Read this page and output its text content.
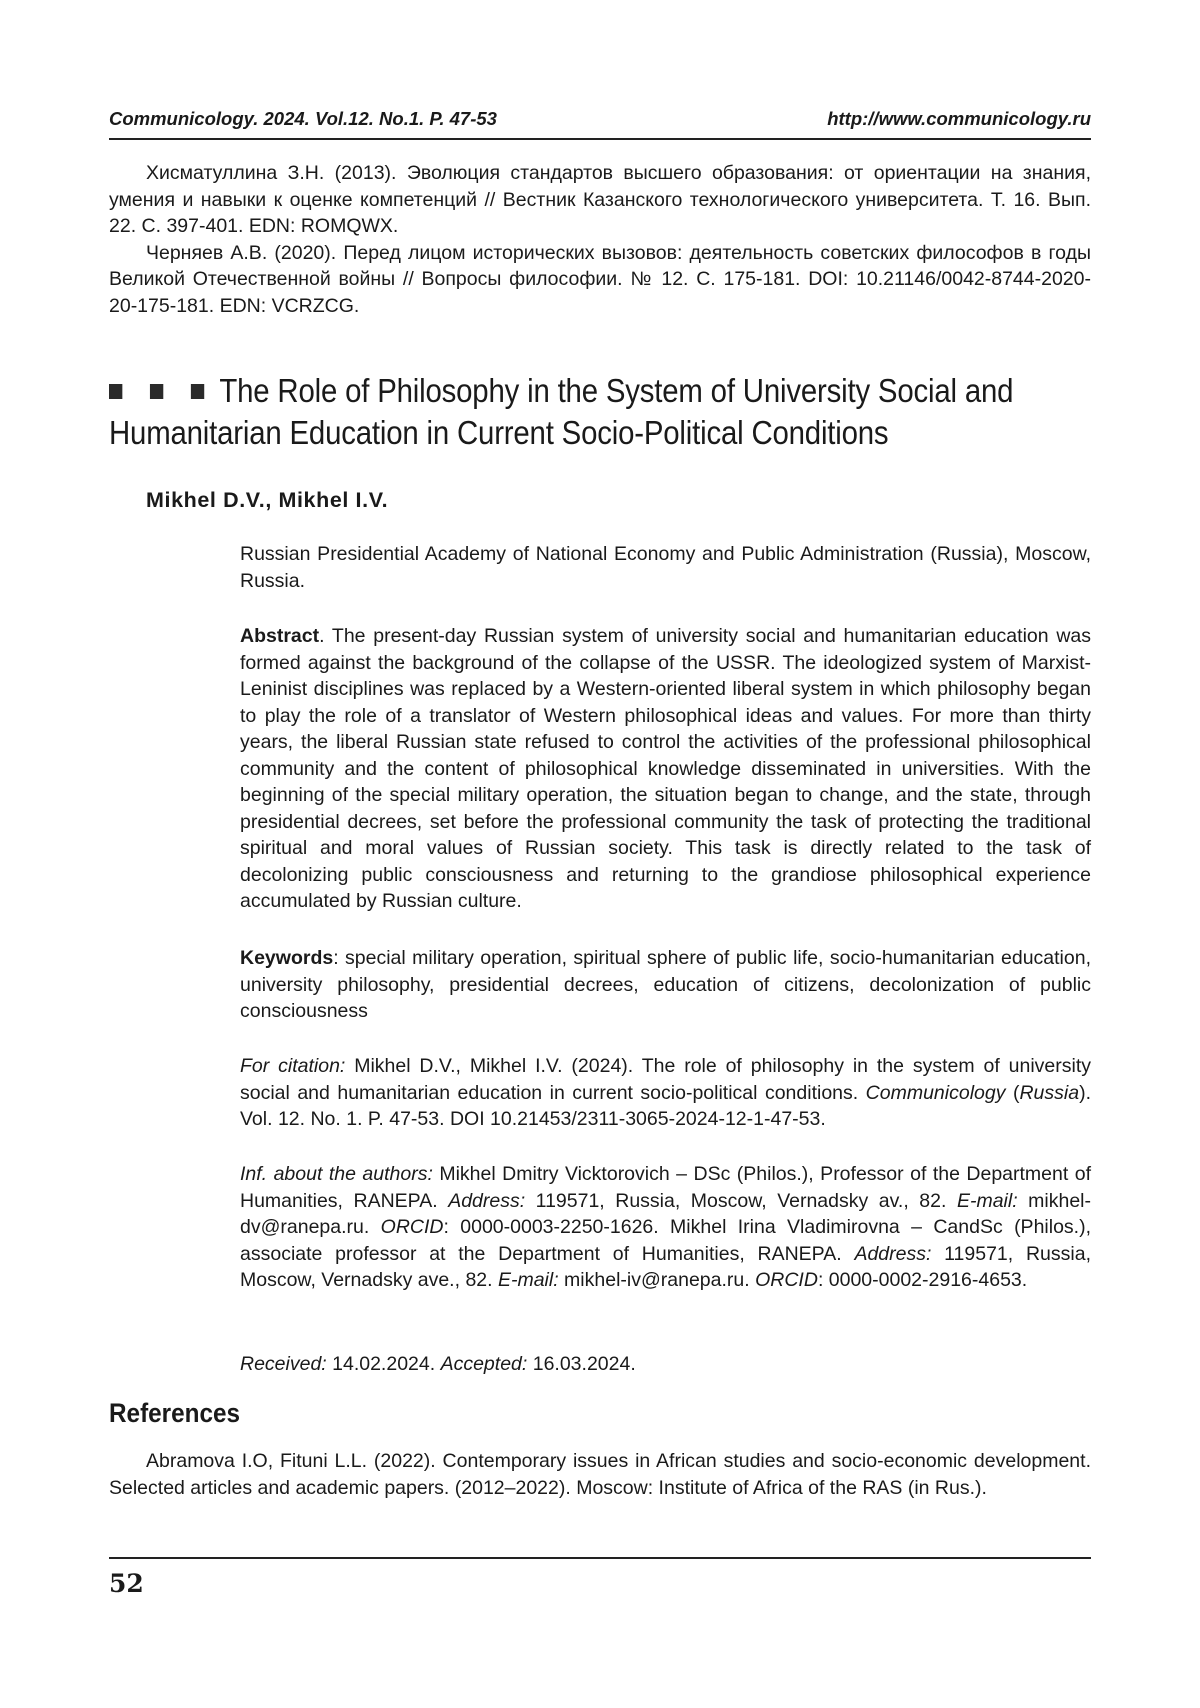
Communicology. 2024. Vol.12. No.1. P. 47-53	http://www.communicology.ru

Хисматуллина З.Н. (2013). Эволюция стандартов высшего образования: от ориентации на знания, умения и навыки к оценке компетенций // Вестник Казанского технологического университета. Т. 16. Вып. 22. С. 397-401. EDN: ROMQWX.

Черняев А.В. (2020). Перед лицом исторических вызовов: деятельность советских философов в годы Великой Отечественной войны // Вопросы философии. № 12. С. 175-181. DOI: 10.21146/0042-8744-2020-20-175-181. EDN: VCRZCG.

The Role of Philosophy in the System of University Social and Humanitarian Education in Current Socio-Political Conditions
Mikhel D.V., Mikhel I.V.

Russian Presidential Academy of National Economy and Public Administration (Russia), Moscow, Russia.

Abstract. The present-day Russian system of university social and humanitarian education was formed against the background of the collapse of the USSR. The ideologized system of Marxist-Leninist disciplines was replaced by a Western-oriented liberal system in which philosophy began to play the role of a translator of Western philosophical ideas and values. For more than thirty years, the liberal Russian state refused to control the activities of the professional philosophical community and the content of philosophical knowledge disseminated in universities. With the beginning of the special military operation, the situation began to change, and the state, through presidential decrees, set before the professional community the task of protecting the traditional spiritual and moral values of Russian society. This task is directly related to the task of decolonizing public consciousness and returning to the grandiose philosophical experience accumulated by Russian culture.

Keywords: special military operation, spiritual sphere of public life, socio-humanitarian education, university philosophy, presidential decrees, education of citizens, decolonization of public consciousness

For citation: Mikhel D.V., Mikhel I.V. (2024). The role of philosophy in the system of university social and humanitarian education in current socio-political conditions. Communicology (Russia). Vol. 12. No. 1. P. 47-53. DOI 10.21453/2311-3065-2024-12-1-47-53.

Inf. about the authors: Mikhel Dmitry Vicktorovich – DSc (Philos.), Professor of the Department of Humanities, RANEPA. Address: 119571, Russia, Moscow, Vernadsky av., 82. E-mail: mikhel-dv@ranepa.ru. ORCID: 0000-0003-2250-1626. Mikhel Irina Vladimirovna – CandSc (Philos.), associate professor at the Department of Humanities, RANEPA. Address: 119571, Russia, Moscow, Vernadsky ave., 82. E-mail: mikhel-iv@ranepa.ru. ORCID: 0000-0002-2916-4653.

Received: 14.02.2024. Accepted: 16.03.2024.

References

Abramova I.O, Fituni L.L. (2022). Contemporary issues in African studies and socio-economic development. Selected articles and academic papers. (2012–2022). Moscow: Institute of Africa of the RAS (in Rus.).

52
